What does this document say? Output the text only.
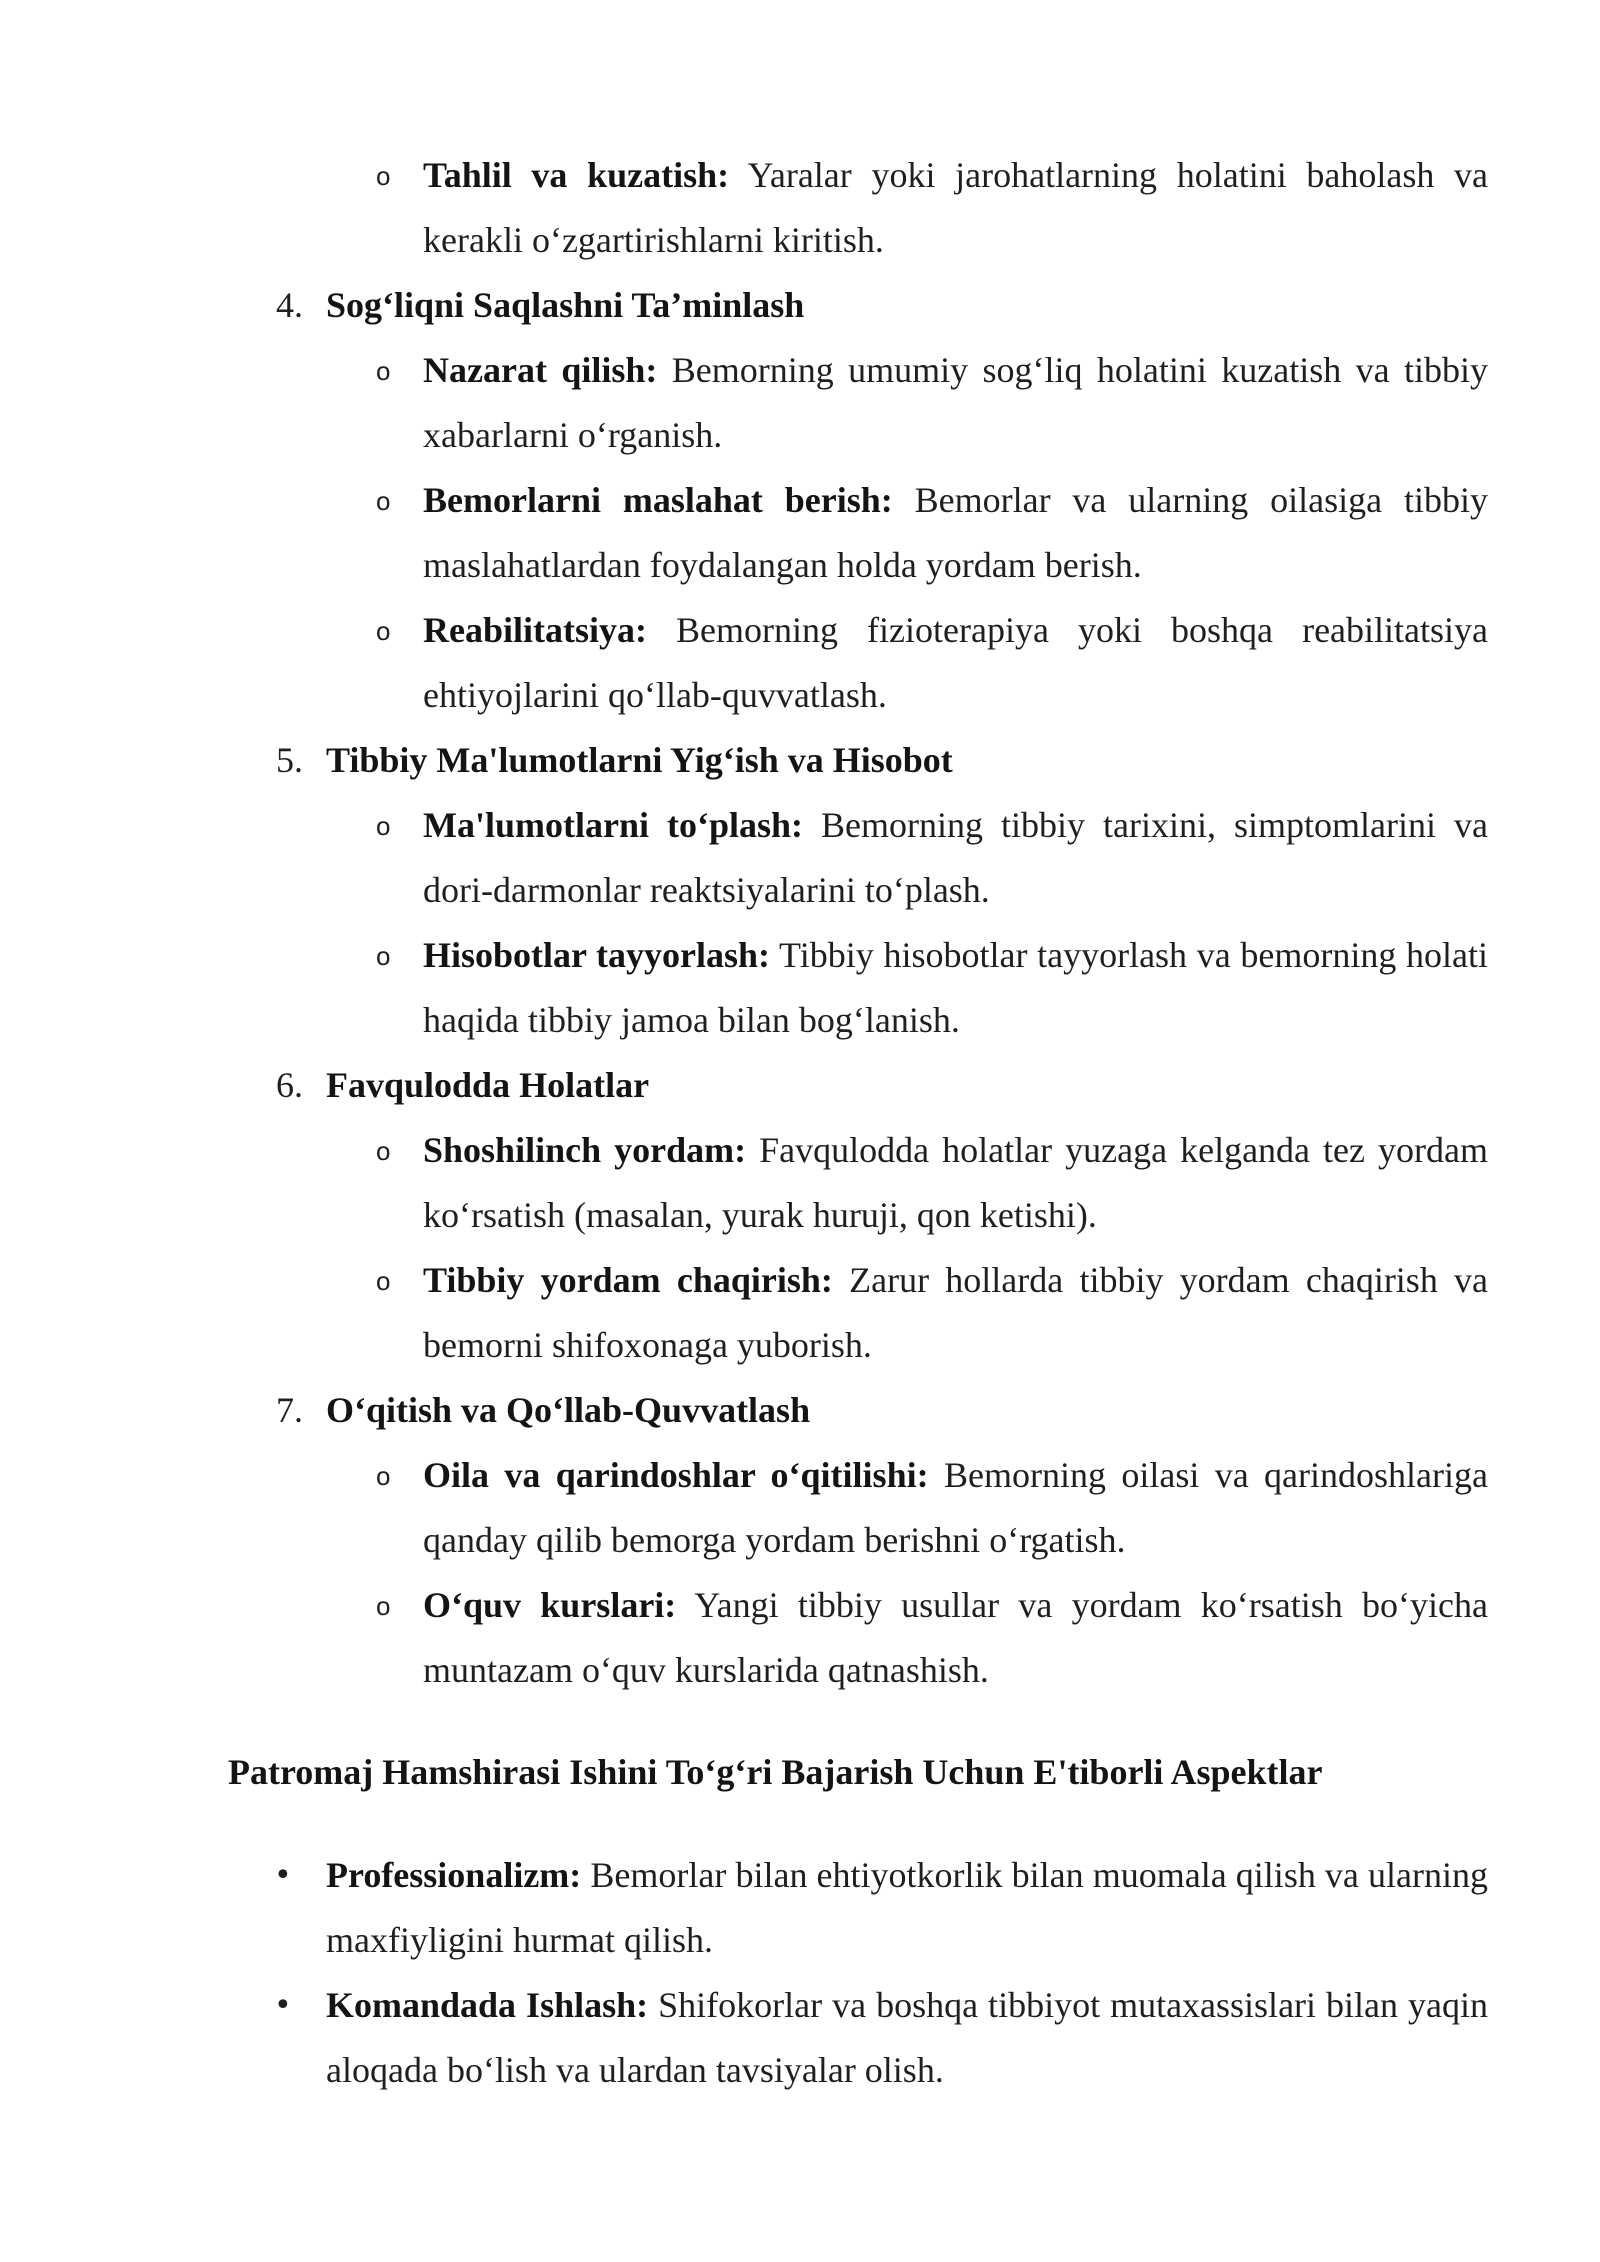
o Tahlil va kuzatish: Yaralar yoki jarohatlarning holatini baholash va kerakli o‘zgartirishlarni kiritish.
4. Sog‘liqni Saqlashni Ta’minlash
o Nazarat qilish: Bemorning umumiy sog‘liq holatini kuzatish va tibbiy xabarlarni o‘rganish.
o Bemorlarni maslahat berish: Bemorlar va ularning oilasiga tibbiy maslahatlardan foydalangan holda yordam berish.
o Reabilitatsiya: Bemorning fizioterapiya yoki boshqa reabilitatsiya ehtiyojlarini qo‘llab-quvvatlash.
5. Tibbiy Ma'lumotlarni Yig‘ish va Hisobot
o Ma'lumotlarni to‘plash: Bemorning tibbiy tarixini, simptomlarini va dori-darmonlar reaktsiyalarini to‘plash.
o Hisobotlar tayyorlash: Tibbiy hisobotlar tayyorlash va bemorning holati haqida tibbiy jamoa bilan bog‘lanish.
6. Favqulodda Holatlar
o Shoshilinch yordam: Favqulodda holatlar yuzaga kelganda tez yordam ko‘rsatish (masalan, yurak huruji, qon ketishi).
o Tibbiy yordam chaqirish: Zarur hollarda tibbiy yordam chaqirish va bemorni shifoxonaga yuborish.
7. O‘qitish va Qo‘llab-Quvvatlash
o Oila va qarindoshlar o‘qitilishi: Bemorning oilasi va qarindoshlariga qanday qilib bemorga yordam berishni o‘rgatish.
o O‘quv kurslari: Yangi tibbiy usullar va yordam ko‘rsatish bo‘yicha muntazam o‘quv kurslarida qatnashish.
Patromaj Hamshirasi Ishini To‘g‘ri Bajarish Uchun E'tiborli Aspektlar
• Professionalizm: Bemorlar bilan ehtiyotkorlik bilan muomala qilish va ularning maxfiyligini hurmat qilish.
• Komandada Ishlash: Shifokorlar va boshqa tibbiyot mutaxassislari bilan yaqin aloqada bo‘lish va ulardan tavsiyalar olish.
